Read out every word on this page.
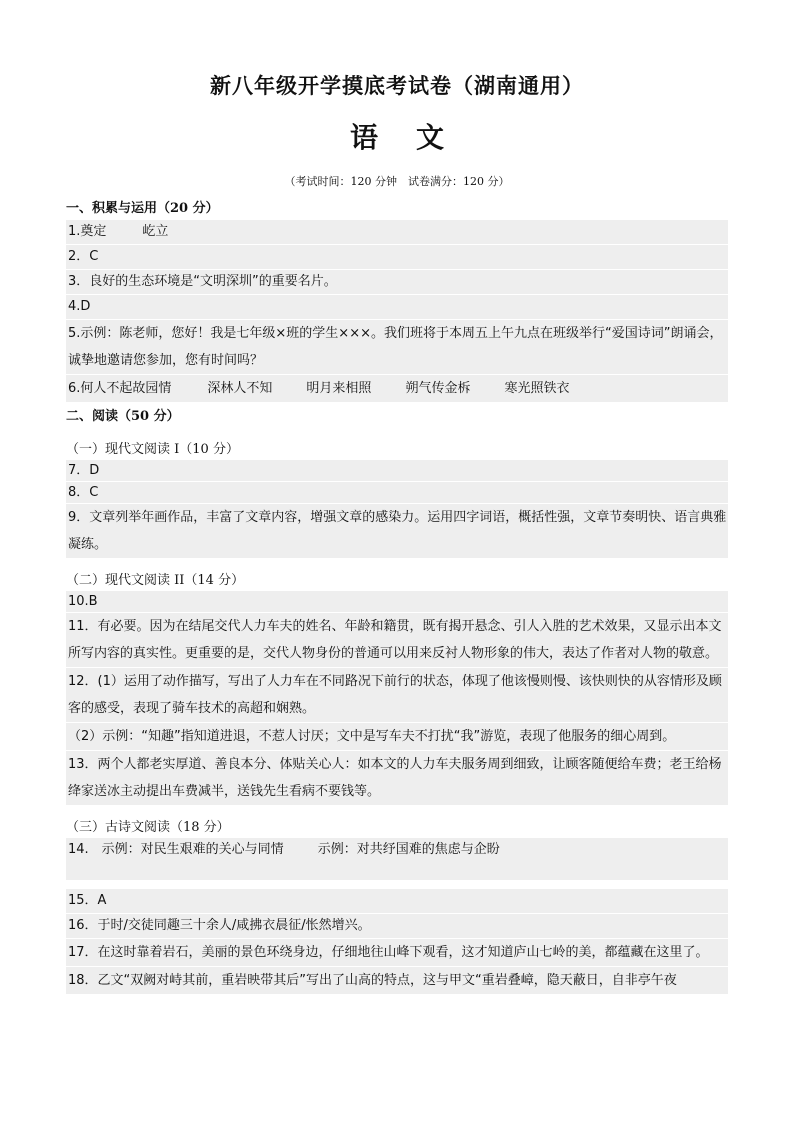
新八年级开学摸底考试卷（湖南通用）
语文
（考试时间：120 分钟　试卷满分：120 分）
一、积累与运用（20 分）
1.奠定	屹立
2．C
3．良好的生态环境是“文明深圳”的重要名片。
4.D
5.示例：陈老师，您好！我是七年级×班的学生×××。我们班将于本周五上午九点在班级举行“爱国诗词”朗诵会，诚挚地邀请您参加，您有时间吗？
6.何人不起故园情	深林人不知	明月来相照	朔气传金柝	寒光照铁衣
二、阅读（50 分）
（一）现代文阅读 I（10 分）
7．D
8．C
9．文章列举年画作品，丰富了文章内容，增强文章的感染力。运用四字词语，概括性强，文章节奏明快、语言典雅凝练。
（二）现代文阅读 II（14 分）
10.B
11．有必要。因为在结尾交代人力车夫的姓名、年龄和籍贯，既有揭开悬念、引人入胜的艺术效果，又显示出本文所写内容的真实性。更重要的是，交代人物身份的普通可以用来反衬人物形象的伟大，表达了作者对人物的敬意。
12．(1）运用了动作描写，写出了人力车在不同路况下前行的状态，体现了他该慢则慢、该快则快的从容情形及顾客的感受，表现了骑车技术的高超和娴熟。
（2）示例：“知趣”指知道进退，不惹人讨厌；文中是写车夫不打扰“我”游览，表现了他服务的细心周到。
13．两个人都老实厚道、善良本分、体贴关心人：如本文的人力车夫服务周到细致，让顾客随便给车费；老王给杨绛家送冰主动提出车费减半，送钱先生看病不要钱等。
（三）古诗文阅读（18 分）
14.　示例：对民生艰难的关心与同情	示例：对共纾国难的焦虑与企盼
15．A
16．于时/交徒同趣三十余人/咸拂衣晨征/怅然增兴。
17．在这时靠着岩石，美丽的景色环绕身边，仔细地往山峰下观看，这才知道庐山七岭的美，都蕴藏在这里了。
18．乙文“双阙对峙其前，重岩映带其后”写出了山高的特点，这与甲文“重岩叠嶂，隐天蔽日，自非亭午夜
